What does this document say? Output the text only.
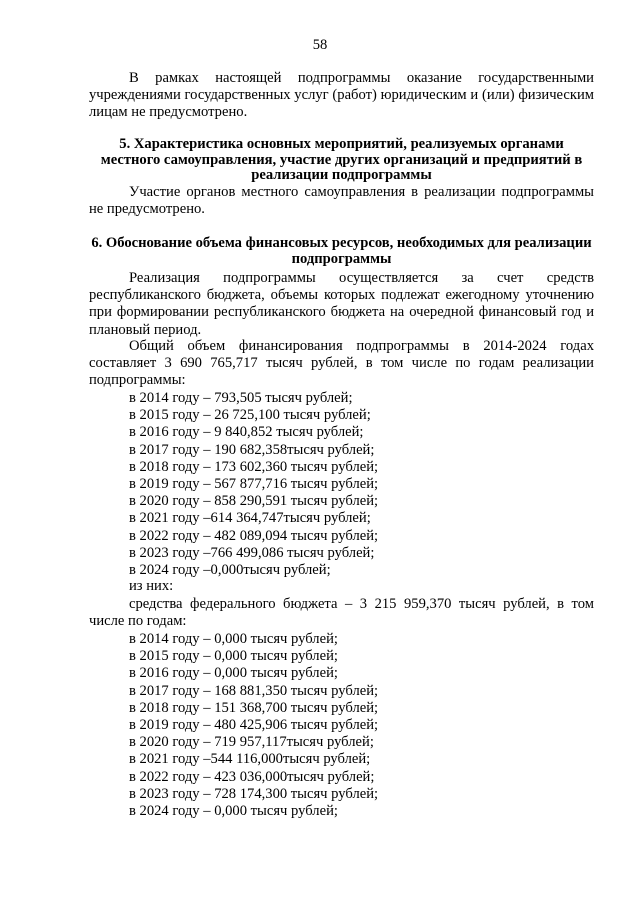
58

В рамках настоящей подпрограммы оказание государственными учреждениями государственных услуг (работ) юридическим и (или) физическим лицам не предусмотрено.

5. Характеристика основных мероприятий, реализуемых органами местного самоуправления, участие других организаций и предприятий в реализации подпрограммы

Участие органов местного самоуправления в реализации подпрограммы не предусмотрено.

6. Обоснование объема финансовых ресурсов, необходимых для реализации подпрограммы

Реализация подпрограммы осуществляется за счет средств республиканского бюджета, объемы которых подлежат ежегодному уточнению при формировании республиканского бюджета на очередной финансовый год и плановый период.

Общий объем финансирования подпрограммы в 2014-2024 годах составляет 3 690 765,717 тысяч рублей, в том числе по годам реализации подпрограммы:

в 2014 году – 793,505 тысяч рублей;

в 2015 году – 26 725,100 тысяч рублей;

в 2016 году – 9 840,852 тысяч рублей;

в 2017 году – 190 682,358тысяч рублей;

в 2018 году – 173 602,360 тысяч рублей;

в 2019 году – 567 877,716 тысяч рублей;

в 2020 году – 858 290,591 тысяч рублей;

в 2021 году –614 364,747тысяч рублей;

в 2022 году – 482 089,094 тысяч рублей;

в 2023 году –766 499,086 тысяч рублей;

в 2024 году –0,000тысяч рублей;

из них:

средства федерального бюджета – 3 215 959,370 тысяч рублей, в том числе по годам:

в 2014 году – 0,000 тысяч рублей;

в 2015 году – 0,000 тысяч рублей;

в 2016 году – 0,000 тысяч рублей;

в 2017 году – 168 881,350 тысяч рублей;

в 2018 году – 151 368,700 тысяч рублей;

в 2019 году – 480 425,906 тысяч рублей;

в 2020 году – 719 957,117тысяч рублей;

в 2021 году –544 116,000тысяч рублей;

в 2022 году – 423 036,000тысяч рублей;

в 2023 году – 728 174,300 тысяч рублей;

в 2024 году – 0,000 тысяч рублей;
